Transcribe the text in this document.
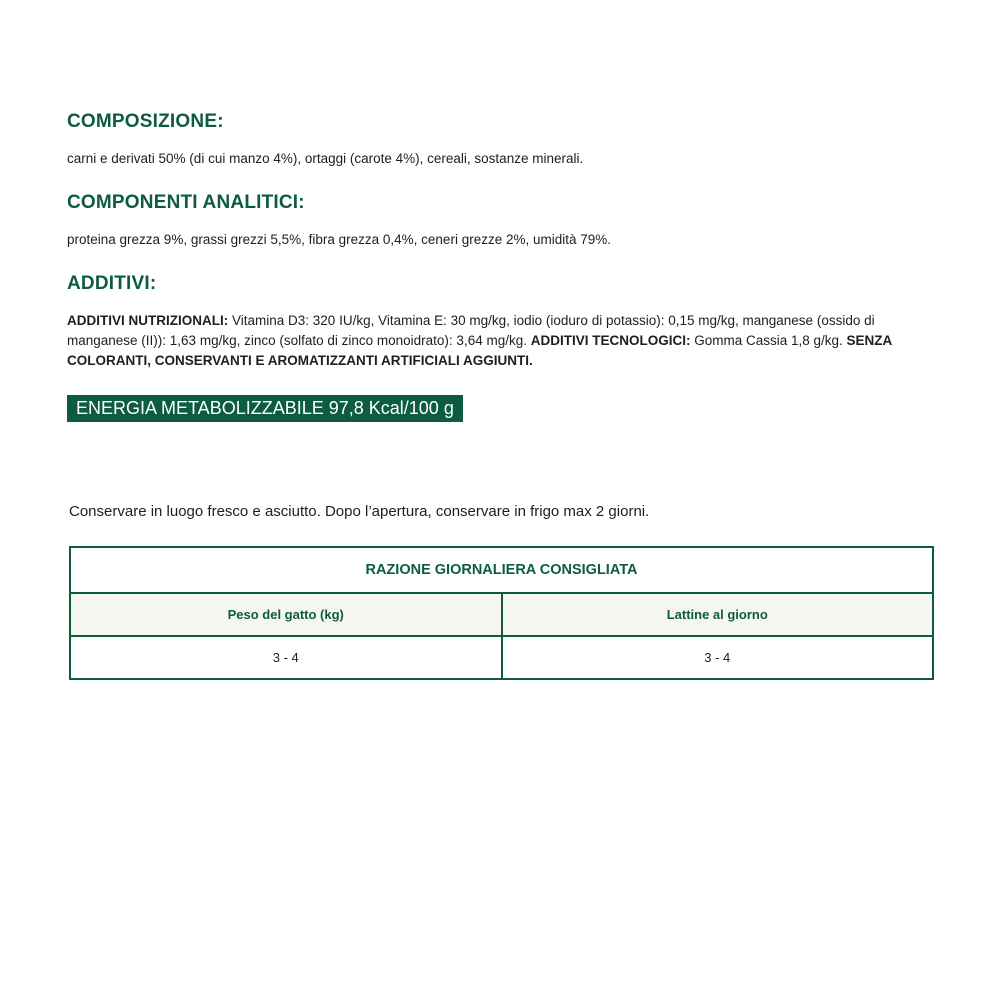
COMPOSIZIONE:

carni e derivati 50% (di cui manzo 4%), ortaggi (carote 4%), cereali, sostanze minerali.

COMPONENTI ANALITICI:

proteina grezza 9%, grassi grezzi 5,5%, fibra grezza 0,4%, ceneri grezze 2%, umidità 79%.

ADDITIVI:

ADDITIVI NUTRIZIONALI: Vitamina D3: 320 IU/kg, Vitamina E: 30 mg/kg, iodio (ioduro di potassio): 0,15 mg/kg, manganese (ossido di manganese (II)): 1,63 mg/kg, zinco (solfato di zinco monoidrato): 3,64 mg/kg. ADDITIVI TECNOLOGICI: Gomma Cassia 1,8 g/kg. SENZA COLORANTI, CONSERVANTI E AROMATIZZANTI ARTIFICIALI AGGIUNTI.

ENERGIA METABOLIZZABILE 97,8 Kcal/100 g

Conservare in luogo fresco e asciutto. Dopo l’apertura, conservare in frigo max 2 giorni.

RAZIONE GIORNALIERA CONSIGLIATA	
Peso del gatto (kg)	Lattine al giorno
3 - 4	3 - 4
